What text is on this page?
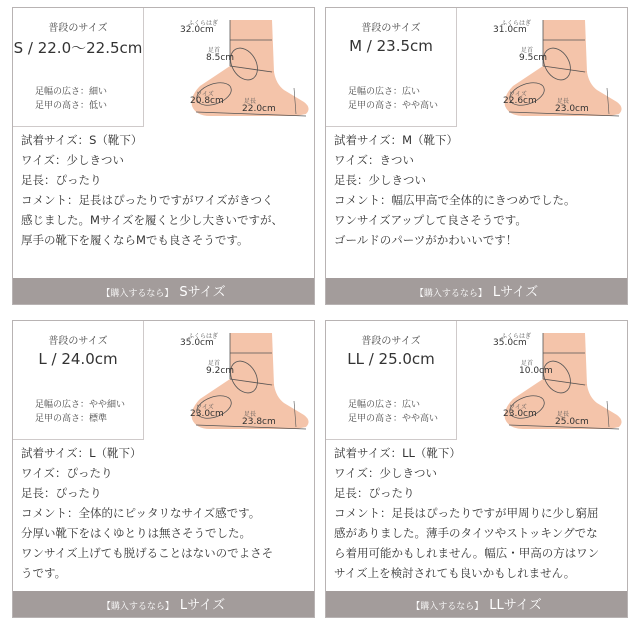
普段のサイズ
S / 22.0～22.5cm
足幅の広さ：細い
足甲の高さ：低い
ふくらはぎ
32.0cm
足首
8.5cm
ワイズ
20.8cm	足長
22.0cm
試着サイズ：S（靴下）
ワイズ：少しきつい
足長：ぴったり
コメント：足長はぴったりですがワイズがきつく
感じました。Mサイズを履くと少し大きいですが、
厚手の靴下を履くならMでも良さそうです。
【購入するなら】 Sサイズ
普段のサイズ
M / 23.5cm
足幅の広さ：広い
足甲の高さ：やや高い
ふくらはぎ
31.0cm
足首
9.5cm
ワイズ
22.6cm	足長
23.0cm
試着サイズ：M（靴下）
ワイズ：きつい
足長：少しきつい
コメント：幅広甲高で全体的にきつめでした。
ワンサイズアップして良さそうです。
ゴールドのパーツがかわいいです！
【購入するなら】 Lサイズ
普段のサイズ
L / 24.0cm
足幅の広さ：やや細い
足甲の高さ：標準
ふくらはぎ
35.0cm
足首
9.2cm
ワイズ
23.0cm	足長
23.8cm
試着サイズ：L（靴下）
ワイズ：ぴったり
足長：ぴったり
コメント：全体的にピッタリなサイズ感です。
分厚い靴下をはくゆとりは無さそうでした。
ワンサイズ上げても脱げることはないのでよさそ
うです。
【購入するなら】 Lサイズ
普段のサイズ
LL / 25.0cm
足幅の広さ：広い
足甲の高さ：やや高い
ふくらはぎ
35.0cm
足首
10.0cm
ワイズ
23.0cm	足長
25.0cm
試着サイズ：LL（靴下）
ワイズ：少しきつい
足長：ぴったり
コメント：足長はぴったりですが甲周りに少し窮屈
感がありました。薄手のタイツやストッキングでな
ら着用可能かもしれません。幅広・甲高の方はワン
サイズ上を検討されても良いかもしれません。
【購入するなら】 LLサイズ
